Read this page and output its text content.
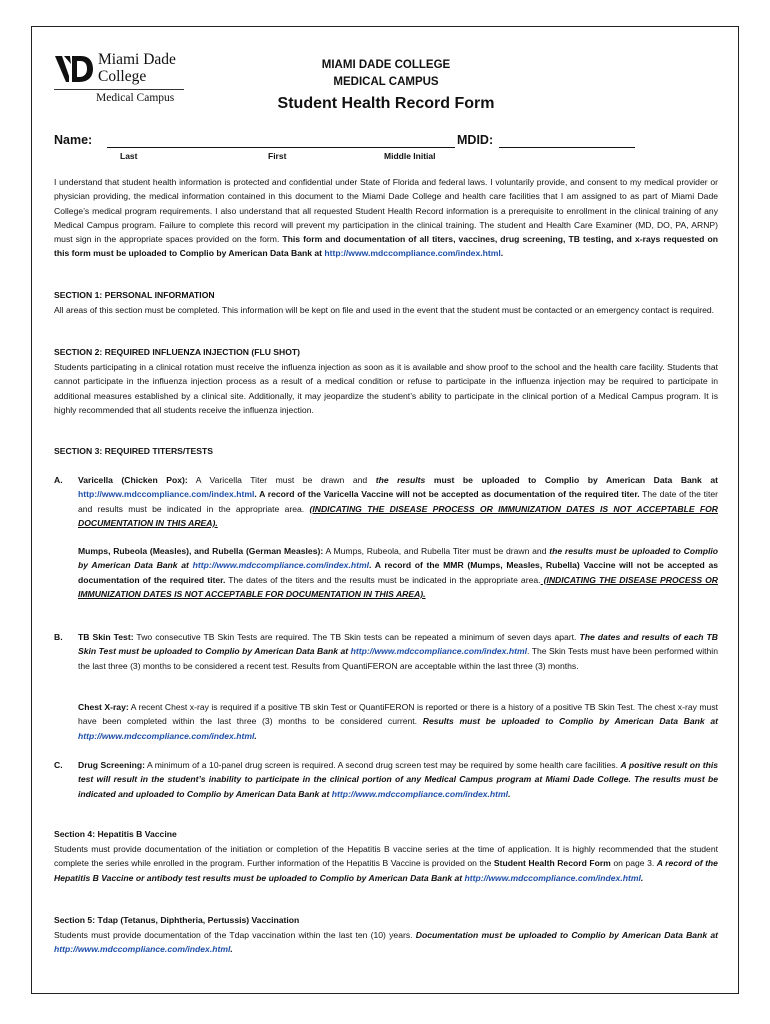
Miami Dade
College
Medical Campus
MIAMI DADE COLLEGE
MEDICAL CAMPUS
Student Health Record Form
Name:	MDID:
Last	First	Middle Initial
I understand that student health information is protected and confidential under State of Florida and federal laws. I voluntarily provide, and consent to my medical provider or physician providing, the medical information contained in this document to the Miami Dade College and health care facilities that I am assigned to as part of Miami Dade College’s medical program requirements. I also understand that all requested Student Health Record information is a prerequisite to enrollment in the clinical training of any Medical Campus program. Failure to complete this record will prevent my participation in the clinical training. The student and Health Care Examiner (MD, DO, PA, ARNP) must sign in the appropriate spaces provided on the form. This form and documentation of all titers, vaccines, drug screening, TB testing, and x-rays requested on this form must be uploaded to Complio by American Data Bank at http://www.mdccompliance.com/index.html.
SECTION 1: PERSONAL INFORMATION
All areas of this section must be completed. This information will be kept on file and used in the event that the student must be contacted or an emergency contact is required.
SECTION 2: REQUIRED INFLUENZA INJECTION (FLU SHOT)
Students participating in a clinical rotation must receive the influenza injection as soon as it is available and show proof to the school and the health care facility. Students that cannot participate in the influenza injection process as a result of a medical condition or refuse to participate in the influenza injection may be required to participate in additional measures established by a clinical site. Additionally, it may jeopardize the student’s ability to participate in the clinical portion of a Medical Campus program. It is highly recommended that all students receive the influenza injection.
SECTION 3: REQUIRED TITERS/TESTS
A. Varicella (Chicken Pox): A Varicella Titer must be drawn and the results must be uploaded to Complio by American Data Bank at http://www.mdccompliance.com/index.html. A record of the Varicella Vaccine will not be accepted as documentation of the required titer. The date of the titer and results must be indicated in the appropriate area. (INDICATING THE DISEASE PROCESS OR IMMUNIZATION DATES IS NOT ACCEPTABLE FOR DOCUMENTATION IN THIS AREA).
Mumps, Rubeola (Measles), and Rubella (German Measles): A Mumps, Rubeola, and Rubella Titer must be drawn and the results must be uploaded to Complio by American Data Bank at http://www.mdccompliance.com/index.html. A record of the MMR (Mumps, Measles, Rubella) Vaccine will not be accepted as documentation of the required titer. The dates of the titers and the results must be indicated in the appropriate area. (INDICATING THE DISEASE PROCESS OR IMMUNIZATION DATES IS NOT ACCEPTABLE FOR DOCUMENTATION IN THIS AREA).
B. TB Skin Test: Two consecutive TB Skin Tests are required. The TB Skin tests can be repeated a minimum of seven days apart. The dates and results of each TB Skin Test must be uploaded to Complio by American Data Bank at http://www.mdccompliance.com/index.html. The Skin Tests must have been performed within the last three (3) months to be considered a recent test. Results from QuantiFERON are acceptable within the last three (3) months.
Chest X-ray: A recent Chest x-ray is required if a positive TB skin Test or QuantiFERON is reported or there is a history of a positive TB Skin Test. The chest x-ray must have been completed within the last three (3) months to be considered current. Results must be uploaded to Complio by American Data Bank at http://www.mdccompliance.com/index.html.
C. Drug Screening: A minimum of a 10-panel drug screen is required. A second drug screen test may be required by some health care facilities. A positive result on this test will result in the student’s inability to participate in the clinical portion of any Medical Campus program at Miami Dade College. The results must be indicated and uploaded to Complio by American Data Bank at http://www.mdccompliance.com/index.html.
Section 4: Hepatitis B Vaccine
Students must provide documentation of the initiation or completion of the Hepatitis B vaccine series at the time of application. It is highly recommended that the student complete the series while enrolled in the program. Further information of the Hepatitis B Vaccine is provided on the Student Health Record Form on page 3. A record of the Hepatitis B Vaccine or antibody test results must be uploaded to Complio by American Data Bank at http://www.mdccompliance.com/index.html.
Section 5: Tdap (Tetanus, Diphtheria, Pertussis) Vaccination
Students must provide documentation of the Tdap vaccination within the last ten (10) years. Documentation must be uploaded to Complio by American Data Bank at http://www.mdccompliance.com/index.html.
